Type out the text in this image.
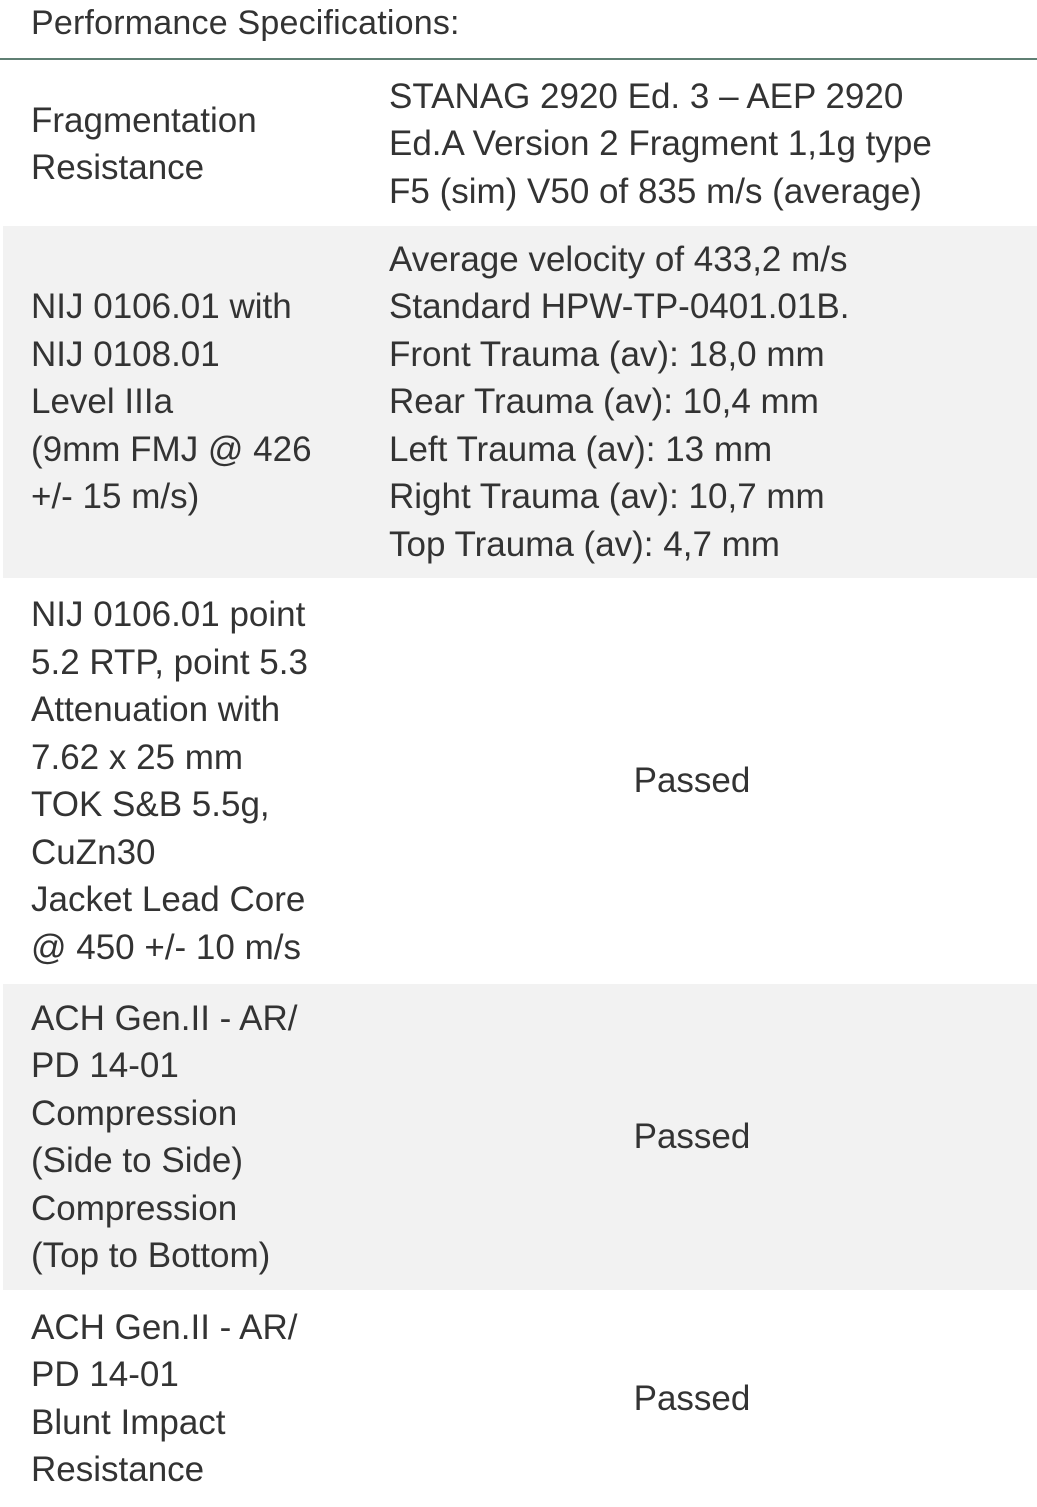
Performance Specifications:
Fragmentation
Resistance
STANAG 2920 Ed. 3 – AEP 2920
Ed.A Version 2 Fragment 1,1g type
F5 (sim) V50 of 835 m/s (average)
NIJ 0106.01 with
NIJ 0108.01
Level IIIa
(9mm FMJ @ 426
+/- 15 m/s)
Average velocity of 433,2 m/s
Standard HPW-TP-0401.01B.
Front Trauma (av): 18,0 mm
Rear Trauma (av): 10,4 mm
Left Trauma (av): 13 mm
Right Trauma (av): 10,7 mm
Top Trauma (av): 4,7 mm
NIJ 0106.01 point
5.2 RTP, point 5.3
Attenuation with
7.62 x 25 mm
TOK S&B 5.5g,
CuZn30
Jacket Lead Core
@ 450 +/- 10 m/s
Passed
ACH Gen.II - AR/
PD 14-01
Compression
(Side to Side)
Compression
(Top to Bottom)
Passed
ACH Gen.II - AR/
PD 14-01
Blunt Impact
Resistance
Passed
